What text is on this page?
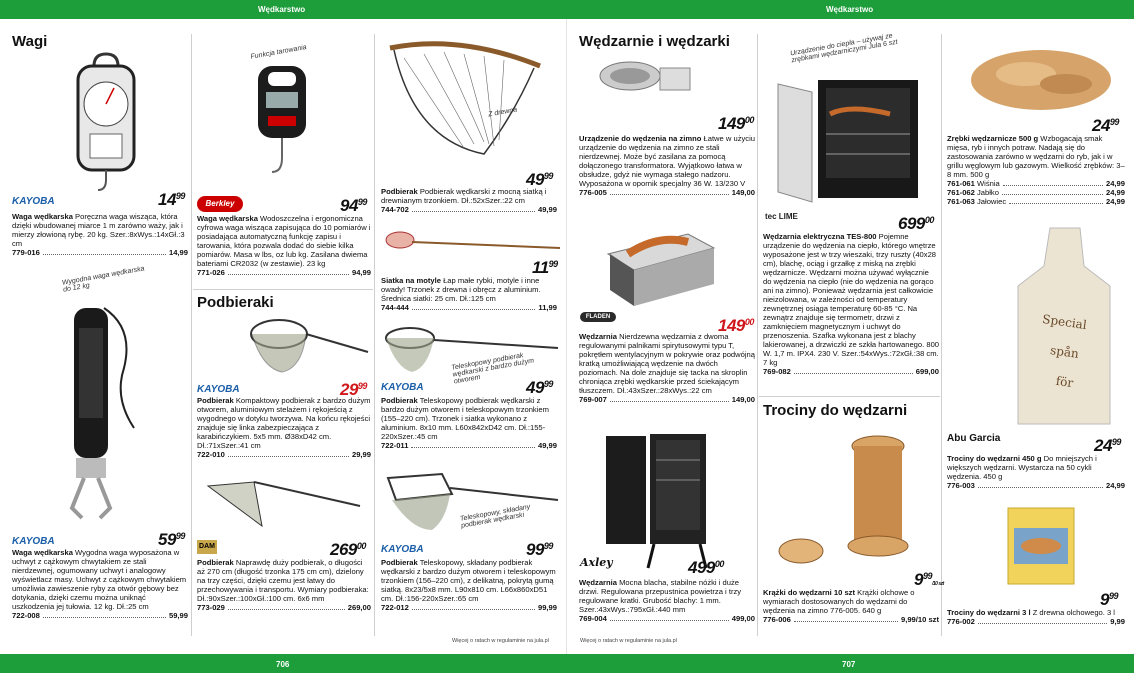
Wędkarstwo	Wędkarstwo
706	707
Więcej o ratach w regulaminie na jula.pl	Więcej o ratach w regulaminie na jula.pl
Wagi
KAYOBA	$14^{99}$
Waga wędkarska Poręczna waga wisząca, która dzięki wbudowanej miarce 1 m zarówno waży, jak i mierzy złowioną rybę. 20 kg. Szer.:8xWys.:14xGł.:3 cm
779-016	14,99
Wygodna waga wędkarska do 12 kg
KAYOBA	$59^{99}$
Waga wędkarska Wygodna waga wyposażona w uchwyt z cążkowym chwytakiem ze stali nierdzewnej, ogumowany uchwyt i analogowy wyświetlacz masy. Uchwyt z cążkowym chwytakiem umożliwia zawieszenie ryby za otwór gębowy bez dotykania, dzięki czemu można uniknąć uszkodzenia jej tułowia. 12 kg. Dł.:25 cm
722-008	59,99
Funkcja tarowania
Berkley	$94^{99}$
Waga wędkarska Wodoszczelna i ergonomiczna cyfrowa waga wisząca zapisująca do 10 pomiarów i posiadająca automatyczną funkcję zapisu i tarowania, która pozwala dodać do siebie kilka pomiarów. Masa w lbs, oz lub kg. Zasilana dwiema bateriami CR2032 (w zestawie). 23 kg
771-026	94,99
Podbieraki
KAYOBA	$29^{99}$
Podbierak Kompaktowy podbierak z bardzo dużym otworem, aluminiowym stelażem i rękojeścią z wygodnego w dotyku tworzywa. Na końcu rękojeści znajduje się linka zabezpieczająca z karabińczykiem. 5x5 mm. Ø38xD42 cm. Dł.:71xSzer.:41 cm
722-010	29,99
DAM	$269^{00}$
Podbierak Naprawdę duży podbierak, o długości aż 270 cm (długość trzonka 175 cm cm), dzielony na trzy części, dzięki czemu jest łatwy do przechowywania i transportu. Wymiary podbieraka: Dł.:90xSzer.:100xGł.:100 cm. 6x6 mm
773-029	269,00
Z drewna
$49^{99}$
Podbierak Podbierak wędkarski z mocną siatką i drewnianym trzonkiem. Dł.:52xSzer.:22 cm
744-702	49,99
$11^{99}$
Siatka na motyle Łap małe rybki, motyle i inne owady! Trzonek z drewna i obręcz z aluminium. Średnica siatki: 25 cm. Dł.:125 cm
744-444	11,99
Teleskopowy podbierak wędkarski z bardzo dużym otworem
KAYOBA	$49^{99}$
Podbierak Teleskopowy podbierak wędkarski z bardzo dużym otworem i teleskopowym trzonkiem (155–220 cm). Trzonek i siatka wykonano z aluminium. 8x10 mm. L60x842xD42 cm. Dł.:155-220xSzer.:45 cm
722-011	49,99
Teleskopowy, składany podbierak wędkarski
KAYOBA	$99^{99}$
Podbierak Teleskopowy, składany podbierak wędkarski z bardzo dużym otworem i teleskopowym trzonkiem (156–220 cm), z delikatną, pokrytą gumą siatką. 8x23/5x8 mm. L90x810 cm. L66x860xD51 cm. Dł.:156-220xSzer.:65 cm
722-012	99,99
Wędzarnie i wędzarki
$149^{00}$
Urządzenie do wędzenia na zimno Łatwe w użyciu urządzenie do wędzenia na zimno ze stali nierdzewnej. Może być zasilana za pomocą dołączonego transformatora. Wyjątkowo łatwa w obsłudze, gdyż nie wymaga stałego nadzoru. Wyposażona w opornik specjalny 36 W. 13/230 V
776-005	149,00
FLADEN	$149^{00}$
Wędzarnia Nierdzewna wędzarnia z dwoma regulowanymi palnikami spirytusowymi typu T, pokrętłem wentylacyjnym w pokrywie oraz podwójną kratką umożliwiającą wędzenie na dwóch poziomach. Na dole znajduje się tacka na skroplin chroniąca zrębki wędkarskie przed ściekającym tłuszczem. Dł.:43xSzer.:28xWys.:22 cm
769-007	149,00
Axley	$499^{00}$
Wędzarnia Mocna blacha, stabilne nóżki i duże drzwi. Regulowana przepustnica powietrza i trzy regulowane kratki. Grubość blachy: 1 mm. Szer.:43xWys.:795xGł.:440 mm
769-004	499,00
Urządzenie do ciepła – używaj ze zrębkami wędzarniczymi Jula 6 szt
tec LIME	$699^{00}$
Wędzarnia elektryczna TES-800 Pojemne urządzenie do wędzenia na ciepło, którego wnętrze wyposażone jest w trzy wieszaki, trzy ruszty (40x28 cm), blachę, ociąg i grzałkę z miską na zrębki wędzarnicze. Wędzarni można używać wyłącznie do wędzenia na ciepło (nie do wędzenia na gorąco ani na zimno). Ponieważ wędzarnia jest całkowicie nieizolowana, w zależności od temperatury zewnętrznej osiąga temperaturę 60-85 °C. Na zewnątrz znajduje się termometr, drzwi z zamknięciem magnetycznym i uchwyt do przenoszenia. Szafka wykonana jest z blachy lakierowanej, a drzwiczki ze szkła hartowanego. 800 W. 1,7 m. IPX4. 230 V. Szer.:54xWys.:72xGł.:38 cm. 7 kg
769-082	699,00
Trociny do wędzarni
$9^{99}/10$ szt
Krążki do wędzarni 10 szt Krążki olchowe o wymiarach dostosowanych do wędzarni do wędzenia na zimno 776-005. 640 g
776-006	9,99/10 szt
$24^{99}$
Zrębki wędzarnicze 500 g Wzbogacają smak mięsa, ryb i innych potraw. Nadają się do zastosowania zarówno w wędzarni do ryb, jak i w grillu węglowym lub gazowym. Wielkość zrębków: 3–8 mm. 500 g
761-061 Wiśnia	24,99
761-062 Jabłko	24,99
761-063 Jałowiec	24,99
Special
spån
för
Abu Garcia	$24^{99}$
Trociny do wędzarni 450 g Do mniejszych i większych wędzarni. Wystarcza na 50 cykli wędzenia. 450 g
776-003	24,99
$9^{99}$
Trociny do wędzarni 3 l Z drewna olchowego. 3 l
776-002	9,99
